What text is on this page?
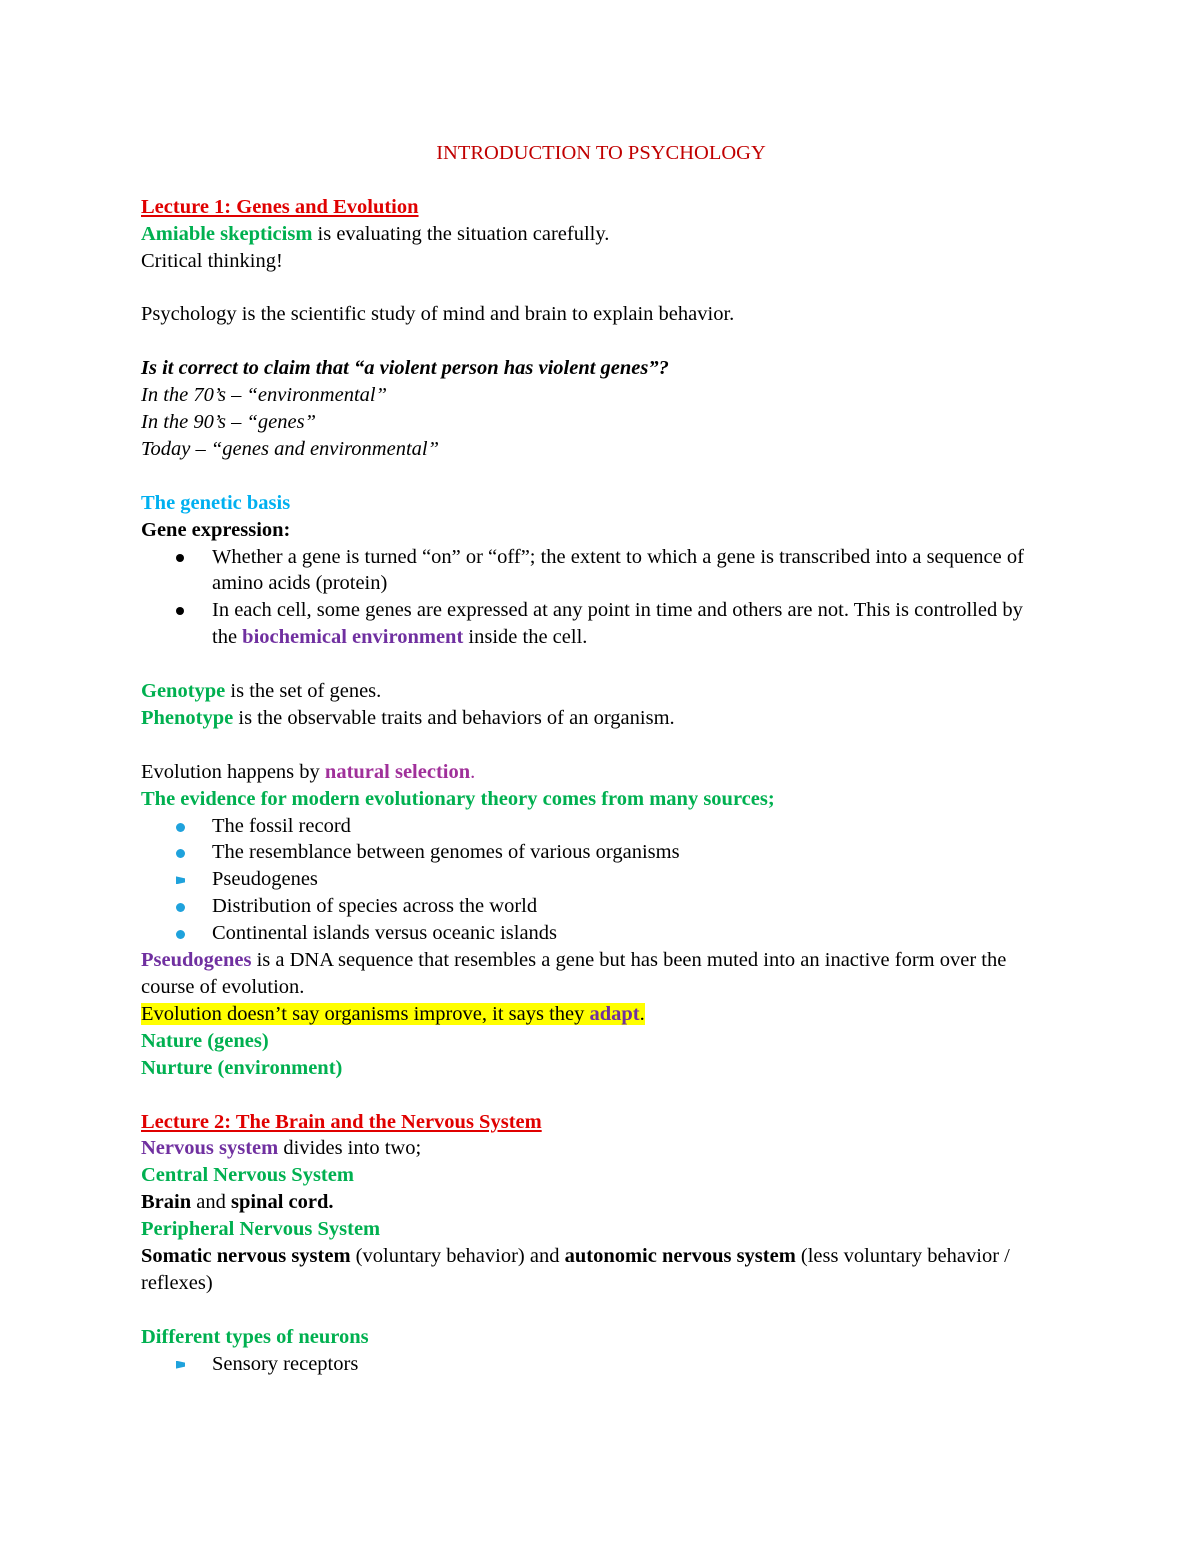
INTRODUCTION TO PSYCHOLOGY
Lecture 1: Genes and Evolution
Amiable skepticism is evaluating the situation carefully.
Critical thinking!
Psychology is the scientific study of mind and brain to explain behavior.
Is it correct to claim that “a violent person has violent genes”?
In the 70’s – “environmental”
In the 90’s – “genes”
Today – “genes and environmental”
The genetic basis
Gene expression:
Whether a gene is turned “on” or “off”; the extent to which a gene is transcribed into a sequence of amino acids (protein)
In each cell, some genes are expressed at any point in time and others are not. This is controlled by the biochemical environment inside the cell.
Genotype is the set of genes.
Phenotype is the observable traits and behaviors of an organism.
Evolution happens by natural selection.
The evidence for modern evolutionary theory comes from many sources;
The fossil record
The resemblance between genomes of various organisms
Pseudogenes
Distribution of species across the world
Continental islands versus oceanic islands
Pseudogenes is a DNA sequence that resembles a gene but has been muted into an inactive form over the course of evolution.
Evolution doesn’t say organisms improve, it says they adapt.
Nature (genes)
Nurture (environment)
Lecture 2: The Brain and the Nervous System
Nervous system divides into two;
Central Nervous System
Brain and spinal cord.
Peripheral Nervous System
Somatic nervous system (voluntary behavior) and autonomic nervous system (less voluntary behavior / reflexes)
Different types of neurons
Sensory receptors
